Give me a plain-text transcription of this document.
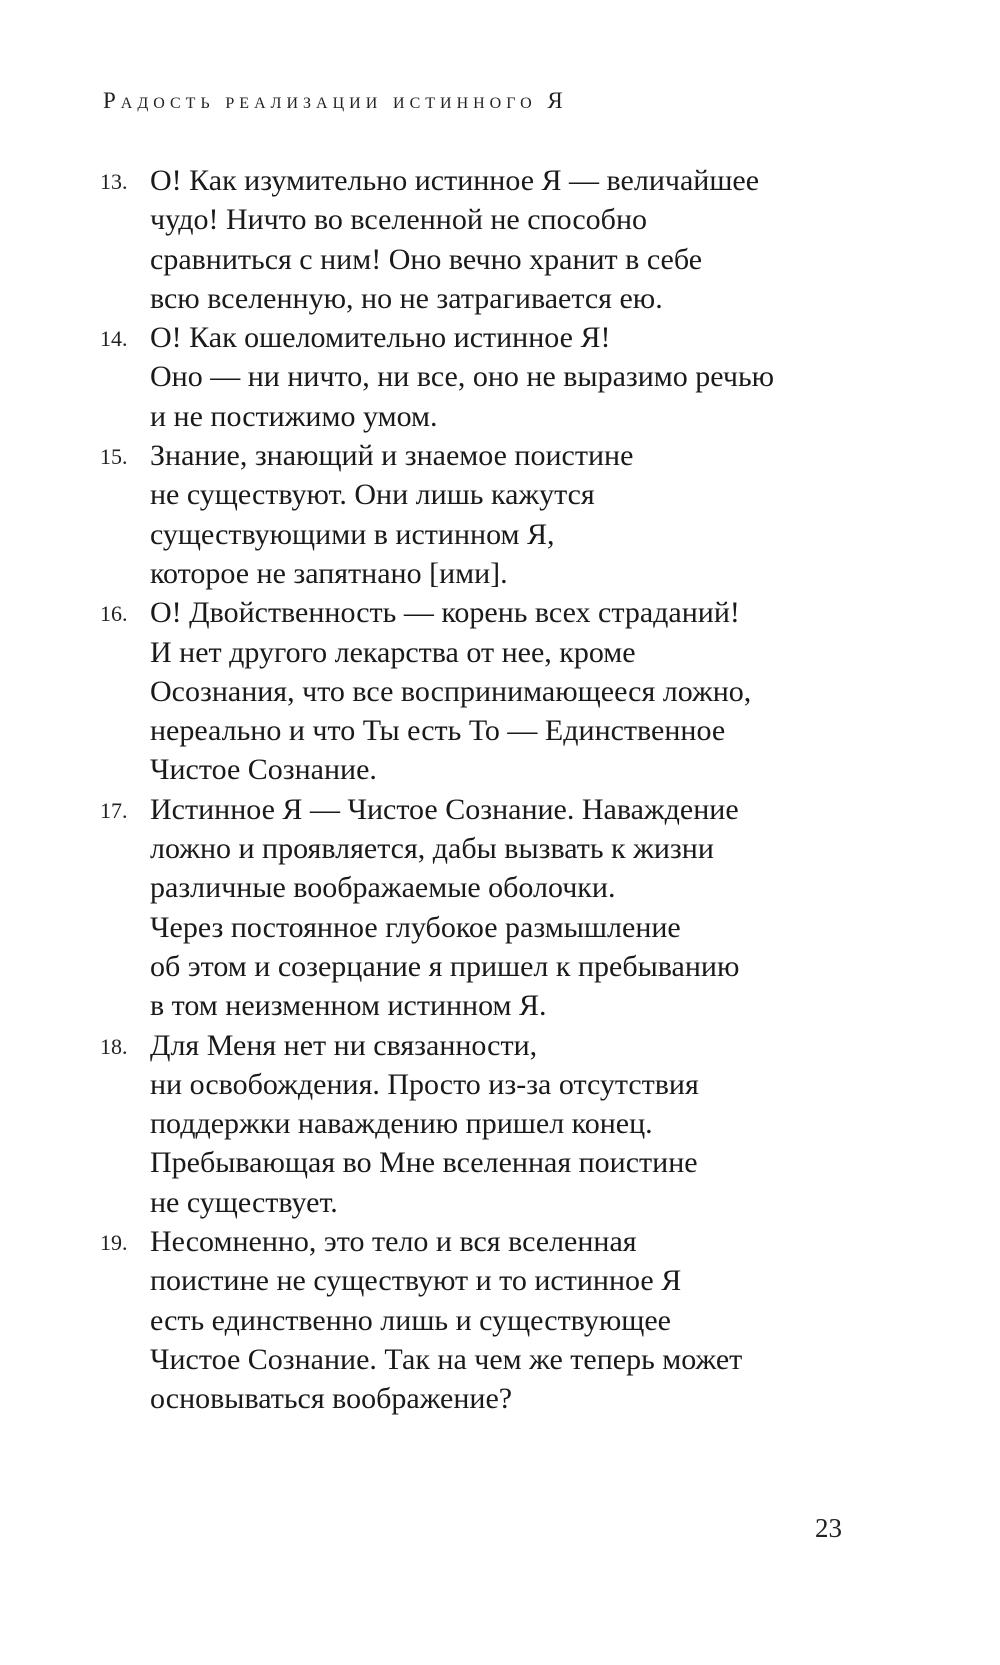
Радость реализации истинного Я
13. О! Как изумительно истинное Я — величайшее
чудо! Ничто во вселенной не способно
сравниться с ним! Оно вечно хранит в себе
всю вселенную, но не затрагивается ею.
14. О! Как ошеломительно истинное Я!
Оно — ни ничто, ни все, оно не выразимо речью
и не постижимо умом.
15. Знание, знающий и знаемое поистине
не существуют. Они лишь кажутся
существующими в истинном Я,
которое не запятнано [ими].
16. О! Двойственность — корень всех страданий!
И нет другого лекарства от нее, кроме
Осознания, что все воспринимающееся ложно,
нереально и что Ты есть То — Единственное
Чистое Сознание.
17. Истинное Я — Чистое Сознание. Наваждение
ложно и проявляется, дабы вызвать к жизни
различные воображаемые оболочки.
Через постоянное глубокое размышление
об этом и созерцание я пришел к пребыванию
в том неизменном истинном Я.
18. Для Меня нет ни связанности,
ни освобождения. Просто из-за отсутствия
поддержки наваждению пришел конец.
Пребывающая во Мне вселенная поистине
не существует.
19. Несомненно, это тело и вся вселенная
поистине не существуют и то истинное Я
есть единственно лишь и существующее
Чистое Сознание. Так на чем же теперь может
основываться воображение?
23
